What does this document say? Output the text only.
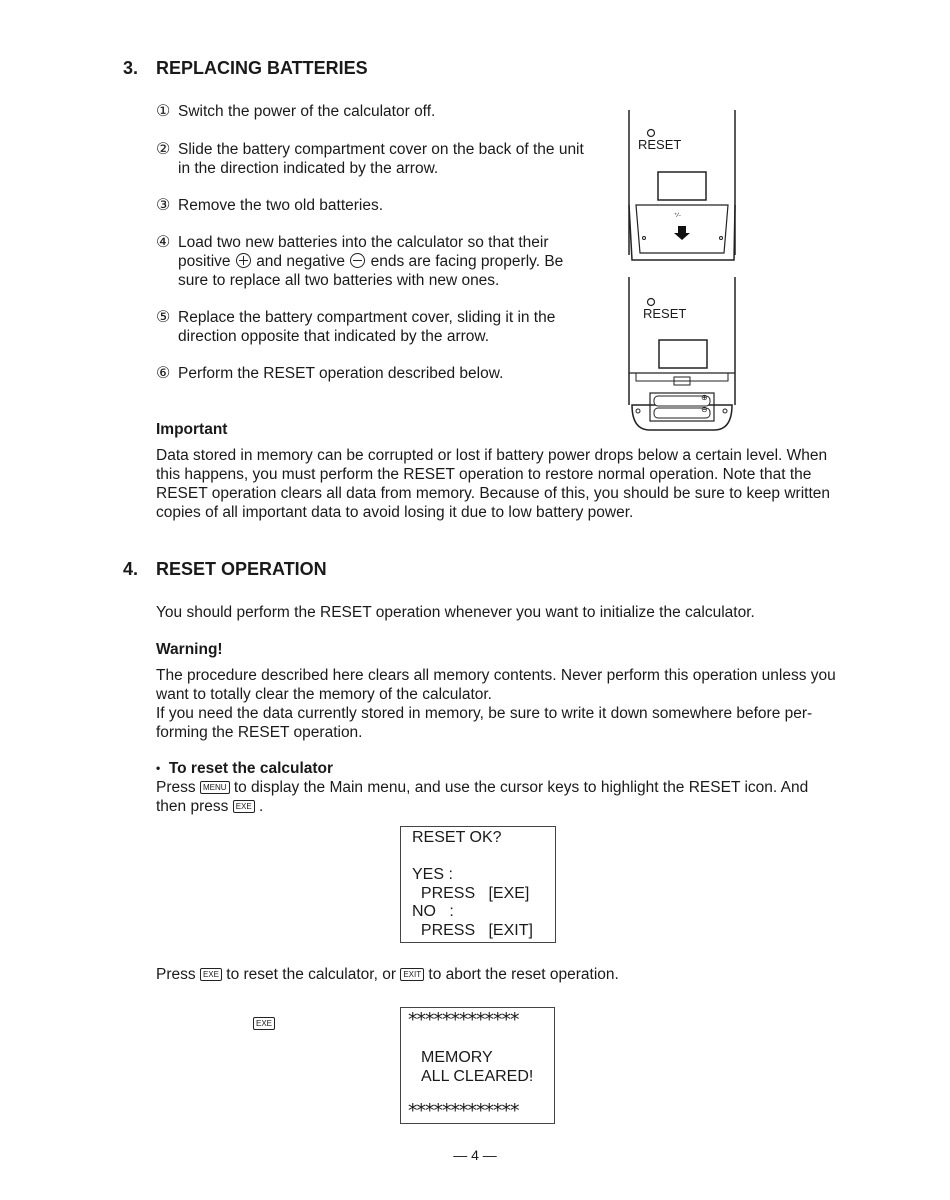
3. REPLACING BATTERIES
① Switch the power of the calculator off.
② Slide the battery compartment cover on the back of the unit in the direction indicated by the arrow.
③ Remove the two old batteries.
④ Load two new batteries into the calculator so that their positive and negative ends are facing properly. Be sure to replace all two batteries with new ones.
⑤ Replace the battery compartment cover, sliding it in the direction opposite that indicated by the arrow.
⑥ Perform the RESET operation described below.
⁺⁄₋
RESET
RESET
⊕
⊖
Important
Data stored in memory can be corrupted or lost if battery power drops below a certain level. When this happens, you must perform the RESET operation to restore normal operation. Note that the RESET operation clears all data from memory. Because of this, you should be sure to keep written copies of all important data to avoid losing it due to low battery power.
4. RESET OPERATION
You should perform the RESET operation whenever you want to initialize the calculator.
Warning!
The procedure described here clears all memory contents. Never perform this operation unless you want to totally clear the memory of the calculator.
If you need the data currently stored in memory, be sure to write it down somewhere before per-forming the RESET operation.
• To reset the calculator
Press MENU to display the Main menu, and use the cursor keys to highlight the RESET icon. And
then press EXE .
RESET OK?
YES :
PRESS   [EXE]
NO   :
PRESS   [EXIT]
Press EXE to reset the calculator, or EXIT to abort the reset operation.
EXE	*************
MEMORY
ALL CLEARED!
*************
— 4 —
